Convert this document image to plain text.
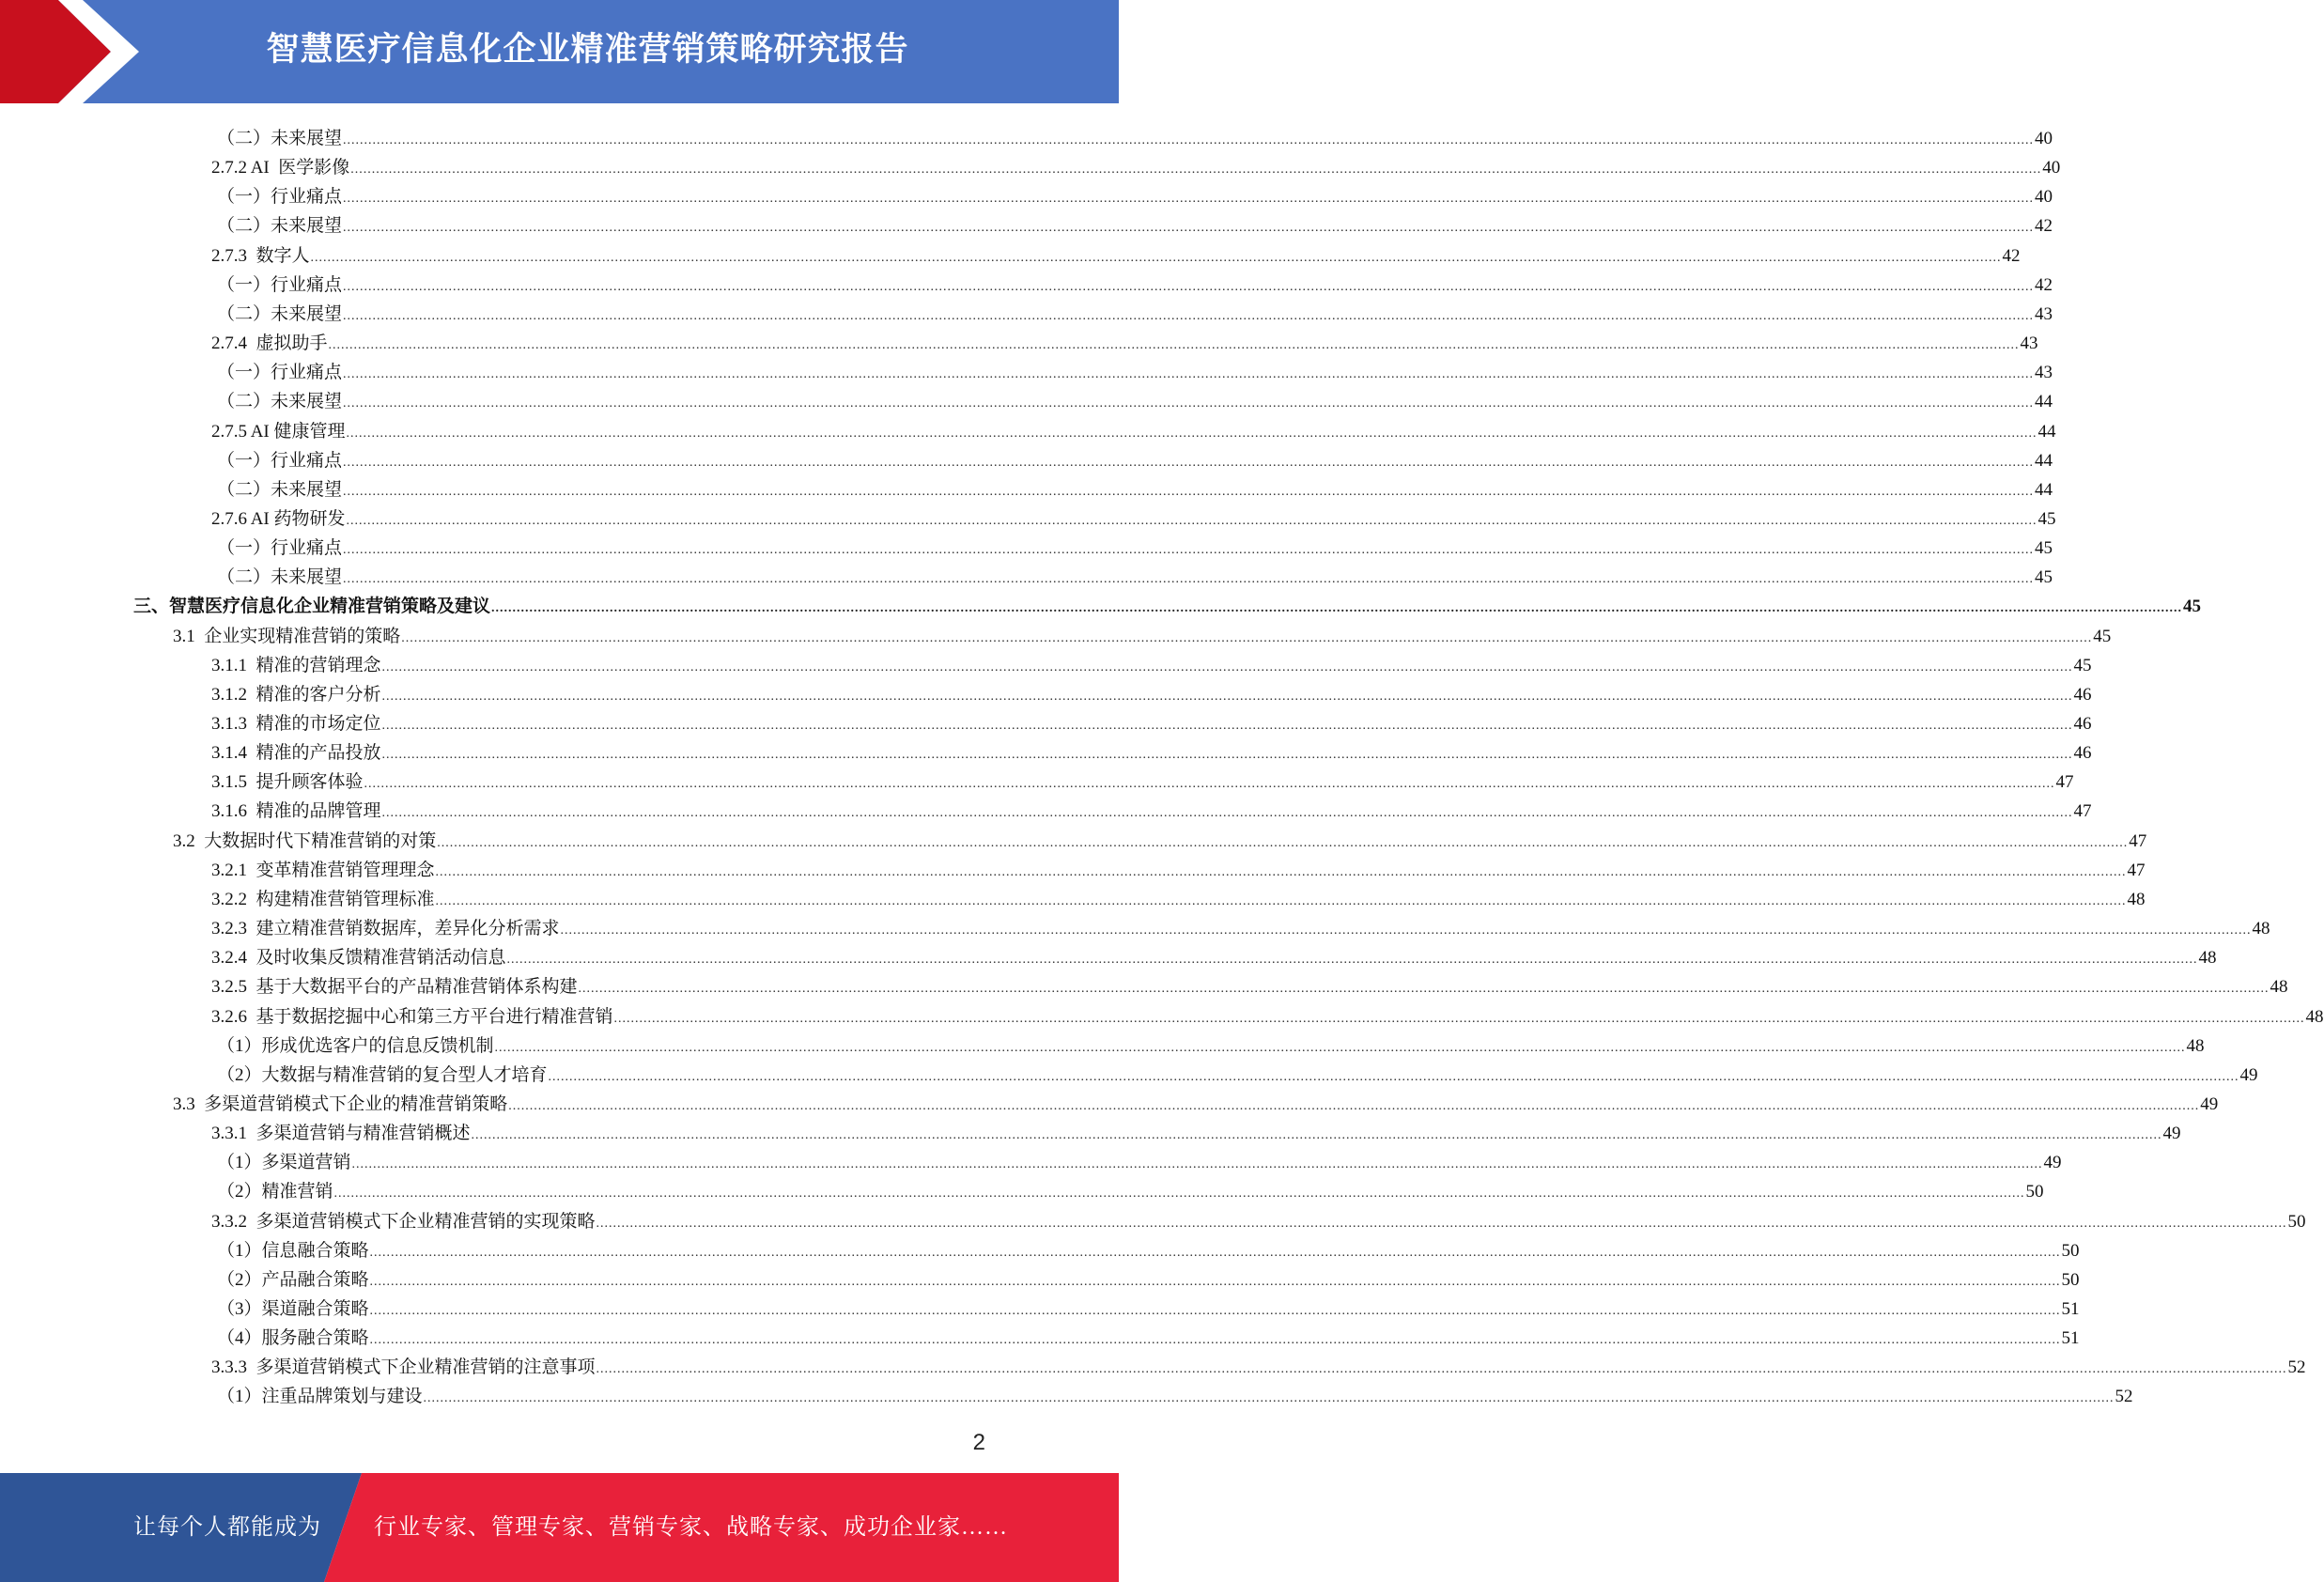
智慧医疗信息化企业精准营销策略研究报告
（二）未来展望 ................................................................................................................................................................................................................................................................................................................................................................................................................ 40
2.7.2 AI  医学影像 ................................................................................................................................................................................................................................................................................................................................................................................................................ 40
（一）行业痛点 ................................................................................................................................................................................................................................................................................................................................................................................................................ 40
（二）未来展望 ................................................................................................................................................................................................................................................................................................................................................................................................................ 42
2.7.3  数字人 ................................................................................................................................................................................................................................................................................................................................................................................................................ 42
（一）行业痛点 ................................................................................................................................................................................................................................................................................................................................................................................................................ 42
（二）未来展望 ................................................................................................................................................................................................................................................................................................................................................................................................................ 43
2.7.4  虚拟助手 ................................................................................................................................................................................................................................................................................................................................................................................................................ 43
（一）行业痛点 ................................................................................................................................................................................................................................................................................................................................................................................................................ 43
（二）未来展望 ................................................................................................................................................................................................................................................................................................................................................................................................................ 44
2.7.5 AI 健康管理 ................................................................................................................................................................................................................................................................................................................................................................................................................ 44
（一）行业痛点 ................................................................................................................................................................................................................................................................................................................................................................................................................ 44
（二）未来展望 ................................................................................................................................................................................................................................................................................................................................................................................................................ 44
2.7.6 AI 药物研发 ................................................................................................................................................................................................................................................................................................................................................................................................................ 45
（一）行业痛点 ................................................................................................................................................................................................................................................................................................................................................................................................................ 45
（二）未来展望 ................................................................................................................................................................................................................................................................................................................................................................................................................ 45
三、智慧医疗信息化企业精准营销策略及建议 ................................................................................................................................................................................................................................................................................................................................................................................................................ 45
3.1  企业实现精准营销的策略 ................................................................................................................................................................................................................................................................................................................................................................................................................ 45
3.1.1  精准的营销理念 ................................................................................................................................................................................................................................................................................................................................................................................................................ 45
3.1.2  精准的客户分析 ................................................................................................................................................................................................................................................................................................................................................................................................................ 46
3.1.3  精准的市场定位 ................................................................................................................................................................................................................................................................................................................................................................................................................ 46
3.1.4  精准的产品投放 ................................................................................................................................................................................................................................................................................................................................................................................................................ 46
3.1.5  提升顾客体验 ................................................................................................................................................................................................................................................................................................................................................................................................................ 47
3.1.6  精准的品牌管理 ................................................................................................................................................................................................................................................................................................................................................................................................................ 47
3.2  大数据时代下精准营销的对策 ................................................................................................................................................................................................................................................................................................................................................................................................................ 47
3.2.1  变革精准营销管理理念 ................................................................................................................................................................................................................................................................................................................................................................................................................ 47
3.2.2  构建精准营销管理标准 ................................................................................................................................................................................................................................................................................................................................................................................................................ 48
3.2.3  建立精准营销数据库，差异化分析需求 ................................................................................................................................................................................................................................................................................................................................................................................................................ 48
3.2.4  及时收集反馈精准营销活动信息 ................................................................................................................................................................................................................................................................................................................................................................................................................ 48
3.2.5  基于大数据平台的产品精准营销体系构建 ................................................................................................................................................................................................................................................................................................................................................................................................................ 48
3.2.6  基于数据挖掘中心和第三方平台进行精准营销 ................................................................................................................................................................................................................................................................................................................................................................................................................ 48
（1）形成优选客户的信息反馈机制 ................................................................................................................................................................................................................................................................................................................................................................................................................ 48
（2）大数据与精准营销的复合型人才培育 ................................................................................................................................................................................................................................................................................................................................................................................................................ 49
3.3  多渠道营销模式下企业的精准营销策略 ................................................................................................................................................................................................................................................................................................................................................................................................................ 49
3.3.1  多渠道营销与精准营销概述 ................................................................................................................................................................................................................................................................................................................................................................................................................ 49
（1）多渠道营销 ................................................................................................................................................................................................................................................................................................................................................................................................................ 49
（2）精准营销 ................................................................................................................................................................................................................................................................................................................................................................................................................ 50
3.3.2  多渠道营销模式下企业精准营销的实现策略 ................................................................................................................................................................................................................................................................................................................................................................................................................ 50
（1）信息融合策略 ................................................................................................................................................................................................................................................................................................................................................................................................................ 50
（2）产品融合策略 ................................................................................................................................................................................................................................................................................................................................................................................................................ 50
（3）渠道融合策略 ................................................................................................................................................................................................................................................................................................................................................................................................................ 51
（4）服务融合策略 ................................................................................................................................................................................................................................................................................................................................................................................................................ 51
3.3.3  多渠道营销模式下企业精准营销的注意事项 ................................................................................................................................................................................................................................................................................................................................................................................................................ 52
（1）注重品牌策划与建设 ................................................................................................................................................................................................................................................................................................................................................................................................................ 52
2
让每个人都能成为 行业专家、管理专家、营销专家、战略专家、成功企业家……
